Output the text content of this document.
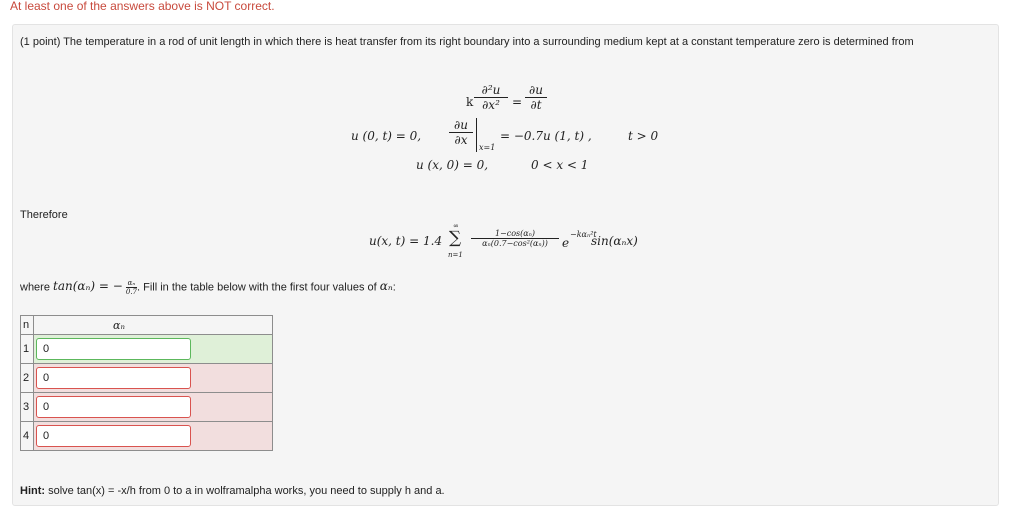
At least one of the answers above is NOT correct.
(1 point) The temperature in a rod of unit length in which there is heat transfer from its right boundary into a surrounding medium kept at a constant temperature zero is determined from
k
∂²u
∂x²	=
∂u
∂t
u (0, t) = 0,
∂u
∂x
x=1
= −0.7u (1, t) ,	t > 0
u (x, 0) = 0,	0 < x < 1
Therefore
u(x, t) = 1.4
∞
∑
n=1
1−cos(αₙ)
αₙ(0.7−cos²(αₙ))	e
−kαₙ²t
sin(αₙx)
where tan(αₙ) = − $\frac{\text{αₙ}}{0.7}$ . Fill in the table below with the first four values of αₙ:
n	αₙ
1	0
2	0
3	0
4	0
Hint: solve tan(x) = -x/h from 0 to a in wolframalpha works, you need to supply h and a.
